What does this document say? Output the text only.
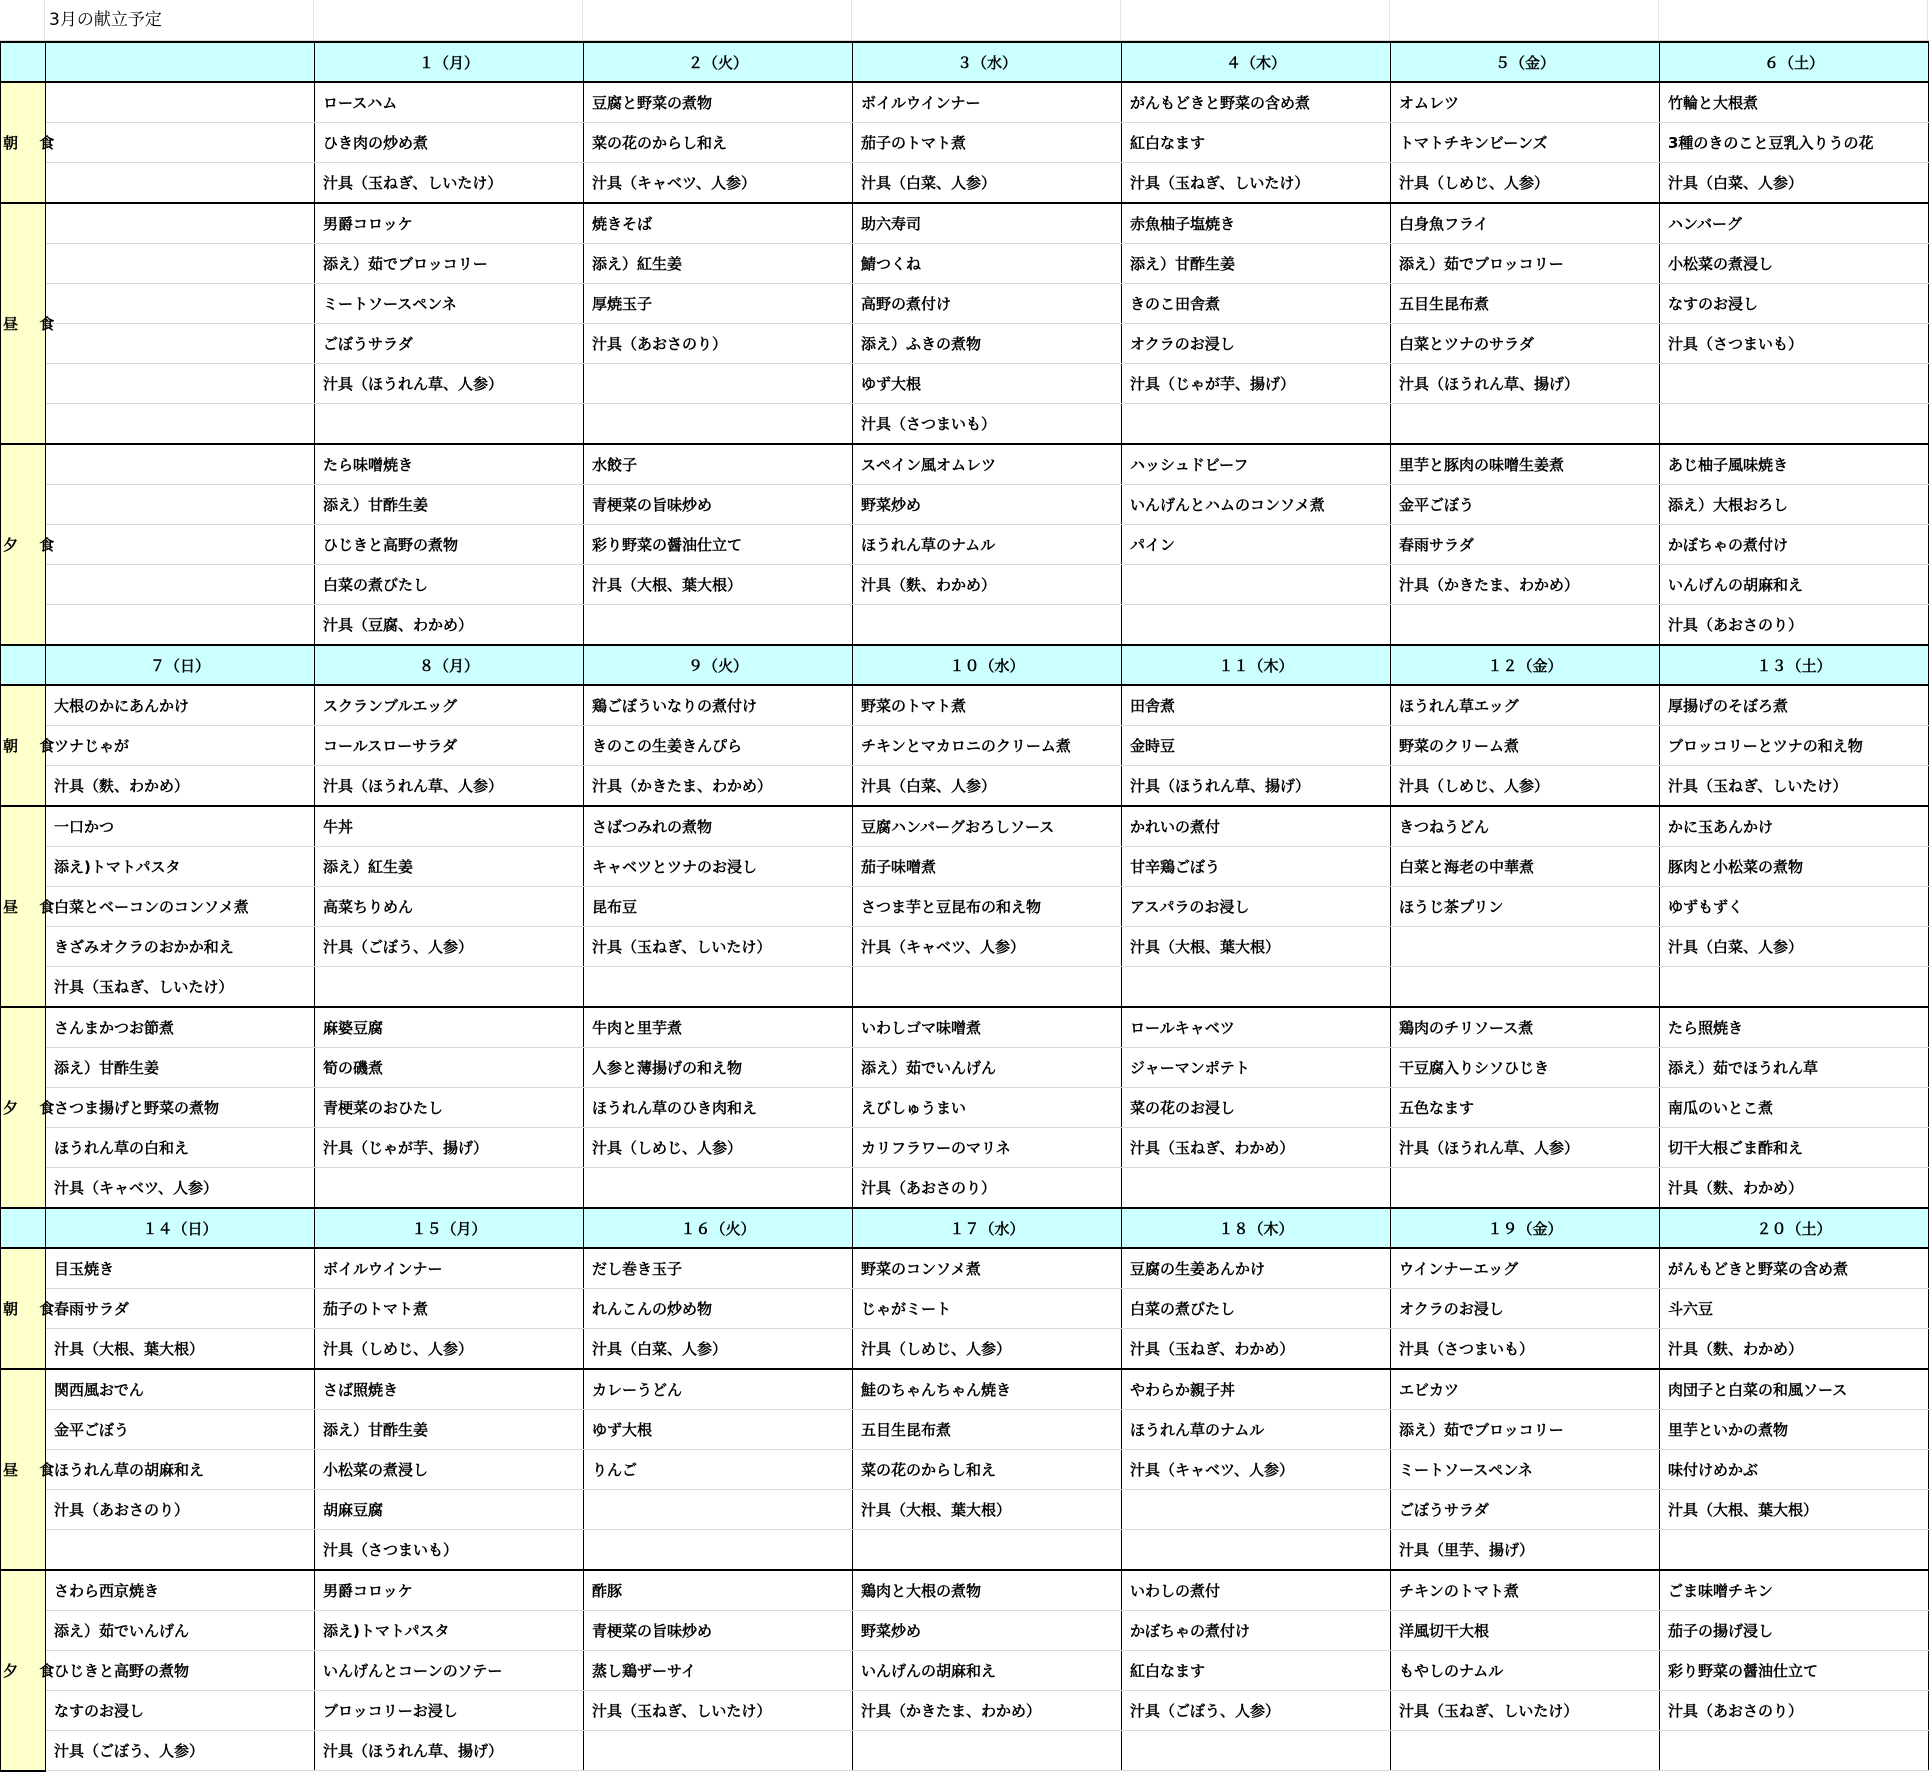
3月の献立予定
		１（月）	２（火）	３（水）	４（木）	５（金）	６（土）
朝 食		ロースハム	豆腐と野菜の煮物	ボイルウインナー	がんもどきと野菜の含め煮	オムレツ	竹輪と大根煮
		ひき肉の炒め煮	菜の花のからし和え	茄子のトマト煮	紅白なます	トマトチキンビーンズ	3種のきのこと豆乳入りうの花
		汁具（玉ねぎ、しいたけ）	汁具（キャベツ、人参）	汁具（白菜、人参）	汁具（玉ねぎ、しいたけ）	汁具（しめじ、人参）	汁具（白菜、人参）
昼 食		男爵コロッケ	焼きそば	助六寿司	赤魚柚子塩焼き	白身魚フライ	ハンバーグ
		添え）茹でブロッコリー	添え）紅生姜	鯖つくね	添え）甘酢生姜	添え）茹でブロッコリー	小松菜の煮浸し
		ミートソースペンネ	厚焼玉子	高野の煮付け	きのこ田舎煮	五目生昆布煮	なすのお浸し
		ごぼうサラダ	汁具（あおさのり）	添え）ふきの煮物	オクラのお浸し	白菜とツナのサラダ	汁具（さつまいも）
		汁具（ほうれん草、人参）		ゆず大根	汁具（じゃが芋、揚げ）	汁具（ほうれん草、揚げ）	
				汁具（さつまいも）			
夕 食		たら味噌焼き	水餃子	スペイン風オムレツ	ハッシュドビーフ	里芋と豚肉の味噌生姜煮	あじ柚子風味焼き
		添え）甘酢生姜	青梗菜の旨味炒め	野菜炒め	いんげんとハムのコンソメ煮	金平ごぼう	添え）大根おろし
		ひじきと高野の煮物	彩り野菜の醤油仕立て	ほうれん草のナムル	パイン	春雨サラダ	かぼちゃの煮付け
		白菜の煮びたし	汁具（大根、葉大根）	汁具（麩、わかめ）		汁具（かきたま、わかめ）	いんげんの胡麻和え
		汁具（豆腐、わかめ）					汁具（あおさのり）
	７（日）	８（月）	９（火）	１０（水）	１１（木）	１２（金）	１３（土）
朝 食	大根のかにあんかけ	スクランブルエッグ	鶏ごぼういなりの煮付け	野菜のトマト煮	田舎煮	ほうれん草エッグ	厚揚げのそぼろ煮
	ツナじゃが	コールスローサラダ	きのこの生姜きんぴら	チキンとマカロニのクリーム煮	金時豆	野菜のクリーム煮	ブロッコリーとツナの和え物
	汁具（麩、わかめ）	汁具（ほうれん草、人参）	汁具（かきたま、わかめ）	汁具（白菜、人参）	汁具（ほうれん草、揚げ）	汁具（しめじ、人参）	汁具（玉ねぎ、しいたけ）
昼 食	一口かつ	牛丼	さばつみれの煮物	豆腐ハンバーグおろしソース	かれいの煮付	きつねうどん	かに玉あんかけ
	添え)トマトパスタ	添え）紅生姜	キャベツとツナのお浸し	茄子味噌煮	甘辛鶏ごぼう	白菜と海老の中華煮	豚肉と小松菜の煮物
	白菜とベーコンのコンソメ煮	高菜ちりめん	昆布豆	さつま芋と豆昆布の和え物	アスパラのお浸し	ほうじ茶プリン	ゆずもずく
	きざみオクラのおかか和え	汁具（ごぼう、人参）	汁具（玉ねぎ、しいたけ）	汁具（キャベツ、人参）	汁具（大根、葉大根）		汁具（白菜、人参）
	汁具（玉ねぎ、しいたけ）						
夕 食	さんまかつお節煮	麻婆豆腐	牛肉と里芋煮	いわしゴマ味噌煮	ロールキャベツ	鶏肉のチリソース煮	たら照焼き
	添え）甘酢生姜	筍の磯煮	人参と薄揚げの和え物	添え）茹でいんげん	ジャーマンポテト	干豆腐入りシソひじき	添え）茹でほうれん草
	さつま揚げと野菜の煮物	青梗菜のおひたし	ほうれん草のひき肉和え	えびしゅうまい	菜の花のお浸し	五色なます	南瓜のいとこ煮
	ほうれん草の白和え	汁具（じゃが芋、揚げ）	汁具（しめじ、人参）	カリフラワーのマリネ	汁具（玉ねぎ、わかめ）	汁具（ほうれん草、人参）	切干大根ごま酢和え
	汁具（キャベツ、人参）			汁具（あおさのり）			汁具（麩、わかめ）
	１４（日）	１５（月）	１６（火）	１７（水）	１８（木）	１９（金）	２０（土）
朝 食	目玉焼き	ボイルウインナー	だし巻き玉子	野菜のコンソメ煮	豆腐の生姜あんかけ	ウインナーエッグ	がんもどきと野菜の含め煮
	春雨サラダ	茄子のトマト煮	れんこんの炒め物	じゃがミート	白菜の煮びたし	オクラのお浸し	斗六豆
	汁具（大根、葉大根）	汁具（しめじ、人参）	汁具（白菜、人参）	汁具（しめじ、人参）	汁具（玉ねぎ、わかめ）	汁具（さつまいも）	汁具（麩、わかめ）
昼 食	関西風おでん	さば照焼き	カレーうどん	鮭のちゃんちゃん焼き	やわらか親子丼	エビカツ	肉団子と白菜の和風ソース
	金平ごぼう	添え）甘酢生姜	ゆず大根	五目生昆布煮	ほうれん草のナムル	添え）茹でブロッコリー	里芋といかの煮物
	ほうれん草の胡麻和え	小松菜の煮浸し	りんご	菜の花のからし和え	汁具（キャベツ、人参）	ミートソースペンネ	味付けめかぶ
	汁具（あおさのり）	胡麻豆腐		汁具（大根、葉大根）		ごぼうサラダ	汁具（大根、葉大根）
		汁具（さつまいも）				汁具（里芋、揚げ）	
夕 食	さわら西京焼き	男爵コロッケ	酢豚	鶏肉と大根の煮物	いわしの煮付	チキンのトマト煮	ごま味噌チキン
	添え）茹でいんげん	添え)トマトパスタ	青梗菜の旨味炒め	野菜炒め	かぼちゃの煮付け	洋風切干大根	茄子の揚げ浸し
	ひじきと高野の煮物	いんげんとコーンのソテー	蒸し鶏ザーサイ	いんげんの胡麻和え	紅白なます	もやしのナムル	彩り野菜の醤油仕立て
	なすのお浸し	ブロッコリーお浸し	汁具（玉ねぎ、しいたけ）	汁具（かきたま、わかめ）	汁具（ごぼう、人参）	汁具（玉ねぎ、しいたけ）	汁具（あおさのり）
	汁具（ごぼう、人参）	汁具（ほうれん草、揚げ）					
